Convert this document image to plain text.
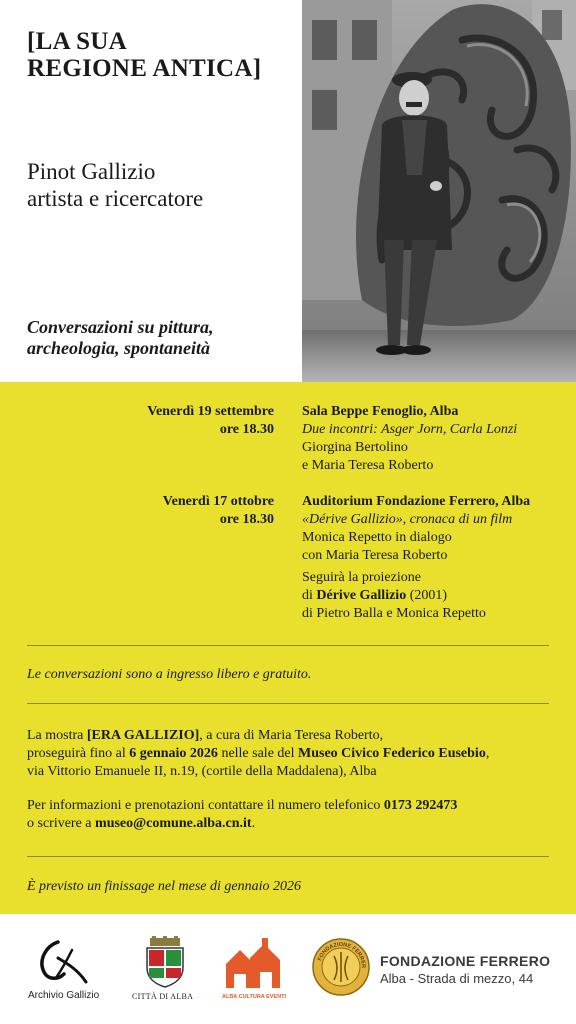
[LA SUA
REGIONE ANTICA]
Pinot Gallizio
artista e ricercatore
Conversazioni su pittura,
archeologia, spontaneità
Venerdì 19 settembre
ore 18.30
Sala Beppe Fenoglio, Alba
Due incontri: Asger Jorn, Carla Lonzi
Giorgina Bertolino
e Maria Teresa Roberto
Venerdì 17 ottobre
ore 18.30
Auditorium Fondazione Ferrero, Alba
«Dérive Gallizio», cronaca di un film
Monica Repetto in dialogo
con Maria Teresa Roberto
Seguirà la proiezione
di Dérive Gallizio (2001)
di Pietro Balla e Monica Repetto
Le conversazioni sono a ingresso libero e gratuito.
La mostra [ERA GALLIZIO], a cura di Maria Teresa Roberto,
proseguirà fino al 6 gennaio 2026 nelle sale del Museo Civico Federico Eusebio,
via Vittorio Emanuele II, n.19, (cortile della Maddalena), Alba
Per informazioni e prenotazioni contattare il numero telefonico 0173 292473
o scrivere a museo@comune.alba.cn.it.
È previsto un finissage nel mese di gennaio 2026
Archivio Gallizio	CITTÀ DI ALBA	ALBA CULTURA EVENTI
FONDAZIONE FERRER FONDAZIONE FERRERO
Alba - Strada di mezzo, 44
